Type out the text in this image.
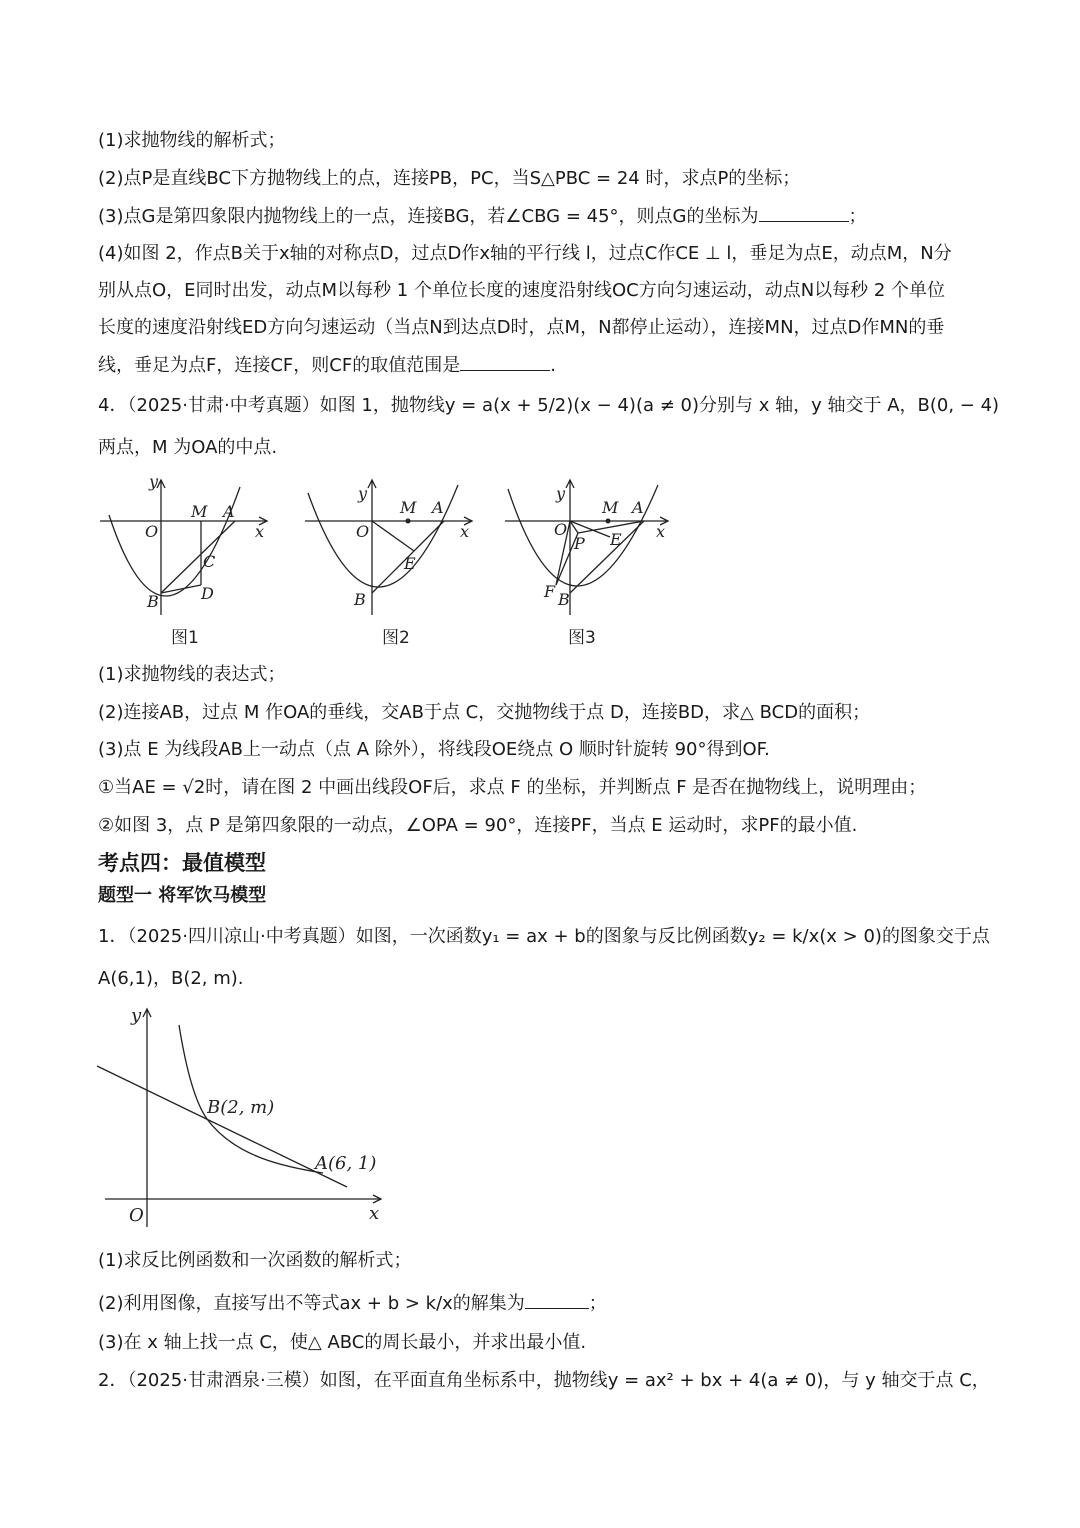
(1)求抛物线的解析式；
(2)点P是直线BC下方抛物线上的点，连接PB，PC，当S△PBC = 24 时，求点P的坐标；
(3)点G是第四象限内抛物线上的一点，连接BG，若∠CBG = 45°，则点G的坐标为	；
(4)如图 2，作点B关于x轴的对称点D，过点D作x轴的平行线 l，过点C作CE ⊥ l，垂足为点E，动点M，N分
别从点O，E同时出发，动点M以每秒 1 个单位长度的速度沿射线OC方向匀速运动，动点N以每秒 2 个单位
长度的速度沿射线ED方向匀速运动（当点N到达点D时，点M，N都停止运动），连接MN，过点D作MN的垂
线，垂足为点F，连接CF，则CF的取值范围是	.
4．（2025·甘肃·中考真题）如图 1，抛物线y = a(x + 5/2)(x − 4)(a ≠ 0)分别与 x 轴，y 轴交于 A，B(0, − 4)
两点，M 为OA的中点.
y
x
O
M A
C
D
B
图1
y
x
O
M A
E
B
图2
y
x
O
M A
P E
F B
图3
(1)求抛物线的表达式；
(2)连接AB，过点 M 作OA的垂线，交AB于点 C，交抛物线于点 D，连接BD，求△ BCD的面积；
(3)点 E 为线段AB上一动点（点 A 除外），将线段OE绕点 O 顺时针旋转 90°得到OF.
①当AE = √2时，请在图 2 中画出线段OF后，求点 F 的坐标，并判断点 F 是否在抛物线上，说明理由；
②如图 3，点 P 是第四象限的一动点，∠OPA = 90°，连接PF，当点 E 运动时，求PF的最小值.
考点四：最值模型
题型一 将军饮马模型
1．（2025·四川凉山·中考真题）如图，一次函数y₁ = ax + b的图象与反比例函数y₂ = k/x(x > 0)的图象交于点
A(6,1)，B(2, m).
y
x
O
B(2, m)
A(6, 1)
(1)求反比例函数和一次函数的解析式；
(2)利用图像，直接写出不等式ax + b > k/x的解集为	；
(3)在 x 轴上找一点 C，使△ ABC的周长最小，并求出最小值.
2．（2025·甘肃酒泉·三模）如图，在平面直角坐标系中，抛物线y = ax² + bx + 4(a ≠ 0)，与 y 轴交于点 C，
